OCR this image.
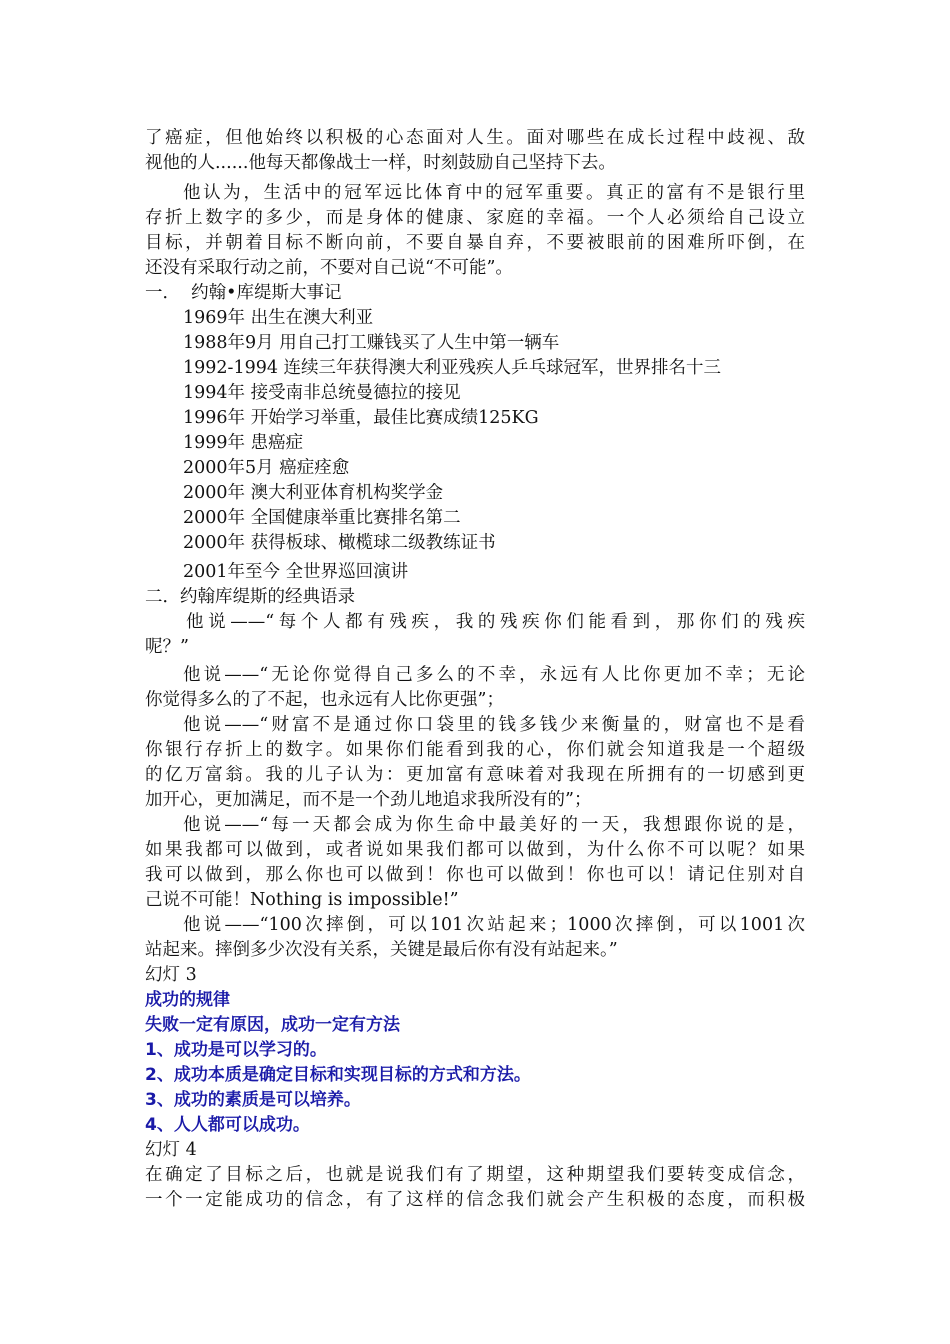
了癌症，但他始终以积极的心态面对人生。面对哪些在成长过程中歧视、敌
视他的人......他每天都像战士一样，时刻鼓励自己坚持下去。
他认为，生活中的冠军远比体育中的冠军重要。真正的富有不是银行里
存折上数字的多少，而是身体的健康、家庭的幸福。一个人必须给自己设立
目标，并朝着目标不断向前，不要自暴自弃，不要被眼前的困难所吓倒，在
还没有采取行动之前，不要对自己说“不可能”。
一．  约翰•库缇斯大事记
1969年 出生在澳大利亚
1988年9月 用自己打工赚钱买了人生中第一辆车
1992-1994 连续三年获得澳大利亚残疾人乒乓球冠军，世界排名十三
1994年 接受南非总统曼德拉的接见
1996年 开始学习举重，最佳比赛成绩125KG
1999年 患癌症
2000年5月 癌症痊愈
2000年 澳大利亚体育机构奖学金
2000年 全国健康举重比赛排名第二
2000年 获得板球、橄榄球二级教练证书
2001年至今 全世界巡回演讲
二．约翰库缇斯的经典语录
他说——“每个人都有残疾，我的残疾你们能看到，那你们的残疾
呢？”
他说——“无论你觉得自己多么的不幸，永远有人比你更加不幸；无论
你觉得多么的了不起，也永远有人比你更强”；
他说——“财富不是通过你口袋里的钱多钱少来衡量的，财富也不是看
你银行存折上的数字。如果你们能看到我的心，你们就会知道我是一个超级
的亿万富翁。我的儿子认为：更加富有意味着对我现在所拥有的一切感到更
加开心，更加满足，而不是一个劲儿地追求我所没有的”；
他说——“每一天都会成为你生命中最美好的一天，我想跟你说的是，
如果我都可以做到，或者说如果我们都可以做到，为什么你不可以呢？如果
我可以做到，那么你也可以做到！你也可以做到！你也可以！请记住别对自
己说不可能！Nothing is impossible!”
他说——“100次摔倒，可以101次站起来；1000次摔倒，可以1001次
站起来。摔倒多少次没有关系，关键是最后你有没有站起来。”
幻灯 3
成功的规律
失败一定有原因，成功一定有方法
1、成功是可以学习的。
2、成功本质是确定目标和实现目标的方式和方法。
3、成功的素质是可以培养。
4、人人都可以成功。
幻灯 4
在确定了目标之后，也就是说我们有了期望，这种期望我们要转变成信念，
一个一定能成功的信念，有了这样的信念我们就会产生积极的态度，而积极
